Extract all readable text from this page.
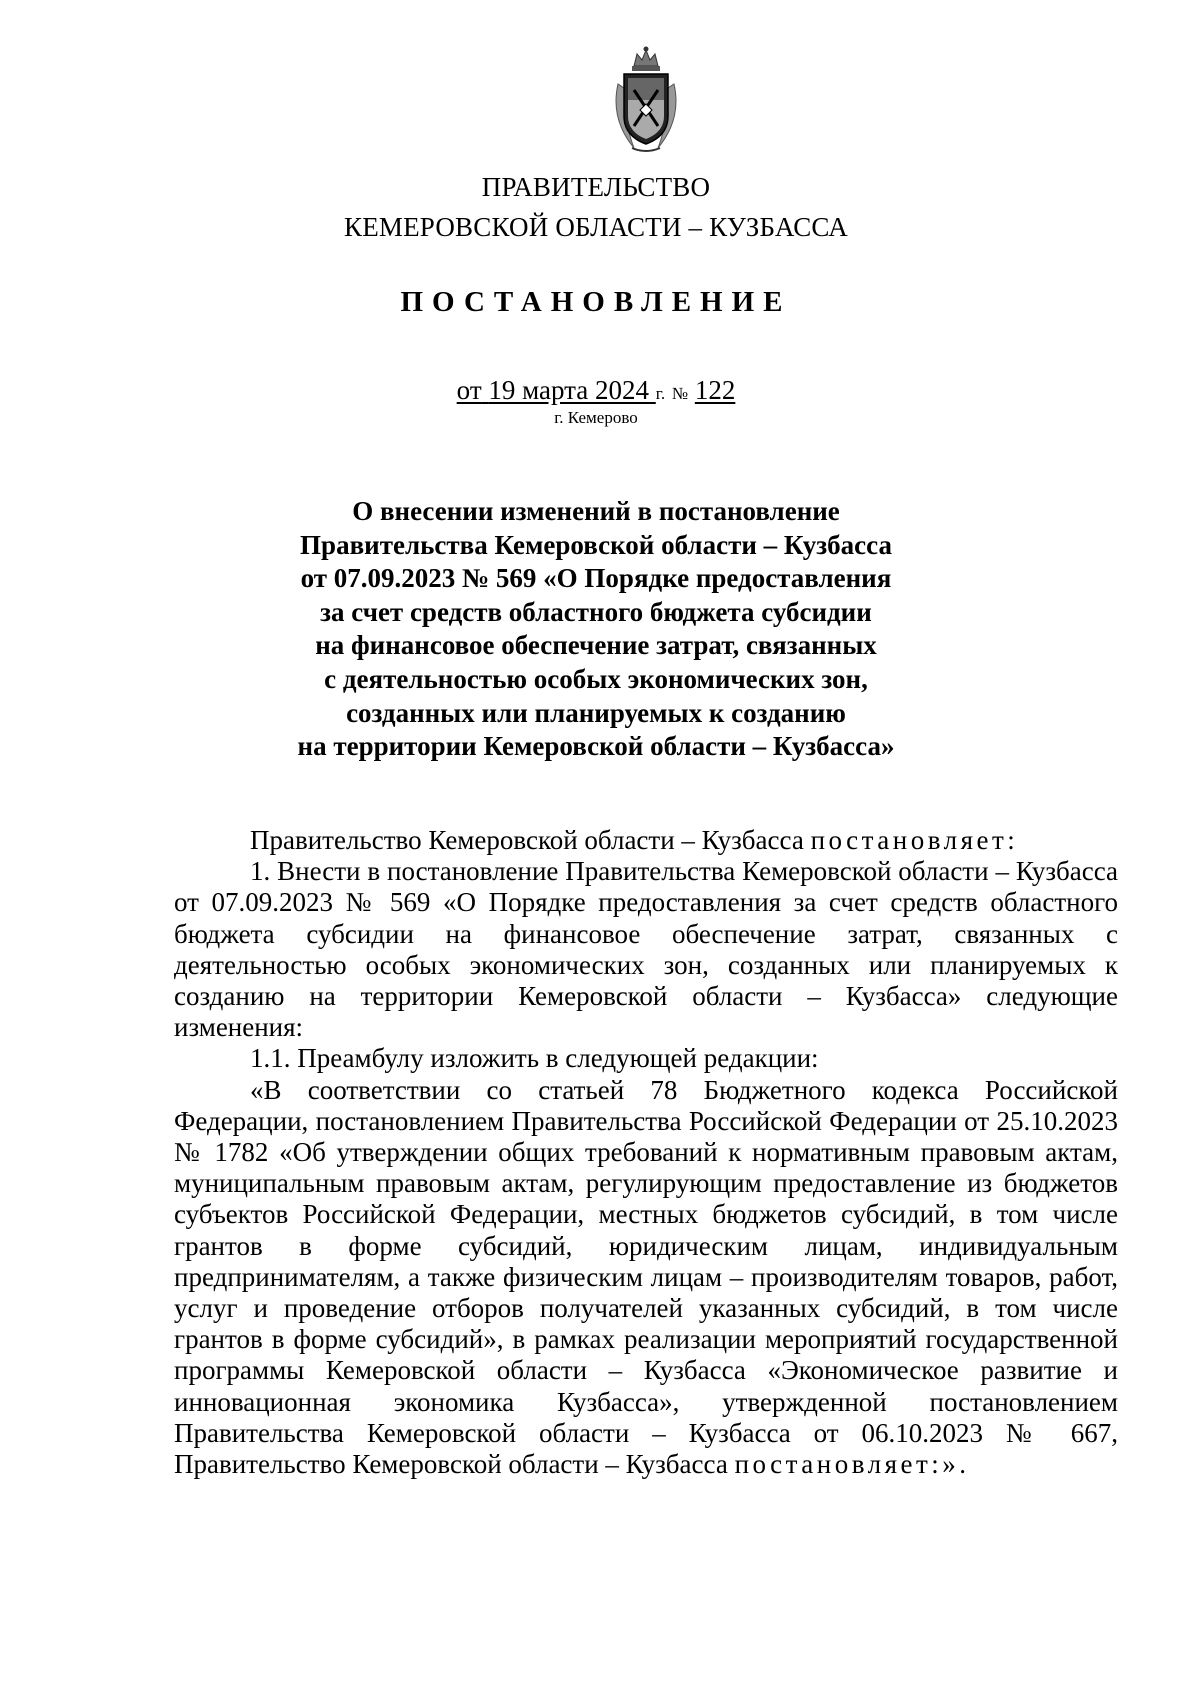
ПРАВИТЕЛЬСТВО
КЕМЕРОВСКОЙ ОБЛАСТИ – КУЗБАССА
ПОСТАНОВЛЕНИЕ
от 19 марта 2024 г. № 122
г. Кемерово
О внесении изменений в постановление
Правительства Кемеровской области – Кузбасса
от 07.09.2023 № 569 «О Порядке предоставления
за счет средств областного бюджета субсидии
на финансовое обеспечение затрат, связанных
с деятельностью особых экономических зон,
созданных или планируемых к созданию
на территории Кемеровской области – Кузбасса»

Правительство Кемеровской области – Кузбасса постановляет:

1. Внести в постановление Правительства Кемеровской области – Кузбасса от 07.09.2023 № 569 «О Порядке предоставления за счет средств областного бюджета субсидии на финансовое обеспечение затрат, связанных с деятельностью особых экономических зон, созданных или планируемых к созданию на территории Кемеровской области – Кузбасса» следующие изменения:

1.1. Преамбулу изложить в следующей редакции:

«В соответствии со статьей 78 Бюджетного кодекса Российской Федерации, постановлением Правительства Российской Федерации от 25.10.2023 № 1782 «Об утверждении общих требований к нормативным правовым актам, муниципальным правовым актам, регулирующим предоставление из бюджетов субъектов Российской Федерации, местных бюджетов субсидий, в том числе грантов в форме субсидий, юридическим лицам, индивидуальным предпринимателям, а также физическим лицам – производителям товаров, работ, услуг и проведение отборов получателей указанных субсидий, в том числе грантов в форме субсидий», в рамках реализации мероприятий государственной программы Кемеровской области – Кузбасса «Экономическое развитие и инновационная экономика Кузбасса», утвержденной постановлением Правительства Кемеровской области – Кузбасса от 06.10.2023 № 667, Правительство Кемеровской области – Кузбасса постановляет:».
